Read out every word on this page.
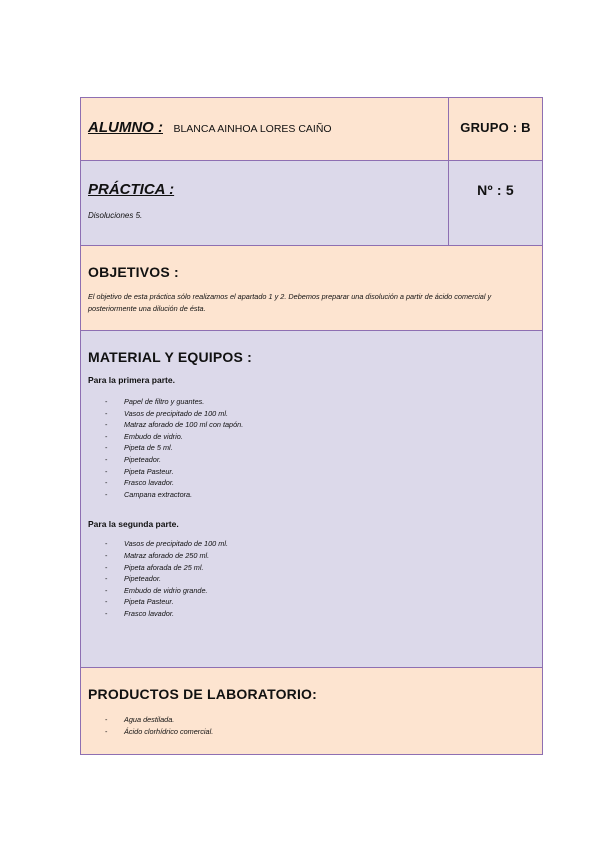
ALUMNO : BLANCA AINHOA LORES CAIÑO	GRUPO : B
PRÁCTICA :
Disoluciones 5.
Nº : 5
OBJETIVOS :
El objetivo de esta práctica sólo realizamos el apartado 1 y 2. Debemos preparar una disolución a partir de ácido comercial y posteriormente una dilución de ésta.
MATERIAL Y EQUIPOS :
Para la primera parte.
- Papel de filtro y guantes.
- Vasos de precipitado de 100 ml.
- Matraz aforado de 100 ml con tapón.
- Embudo de vidrio.
- Pipeta de 5 ml.
- Pipeteador.
- Pipeta Pasteur.
- Frasco lavador.
- Campana extractora.
Para la segunda parte.
- Vasos de precipitado de 100 ml.
- Matraz aforado de 250 ml.
- Pipeta aforada de 25 ml.
- Pipeteador.
- Embudo de vidrio grande.
- Pipeta Pasteur.
- Frasco lavador.
PRODUCTOS DE LABORATORIO:
- Agua destilada.
- Ácido clorhídrico comercial.
